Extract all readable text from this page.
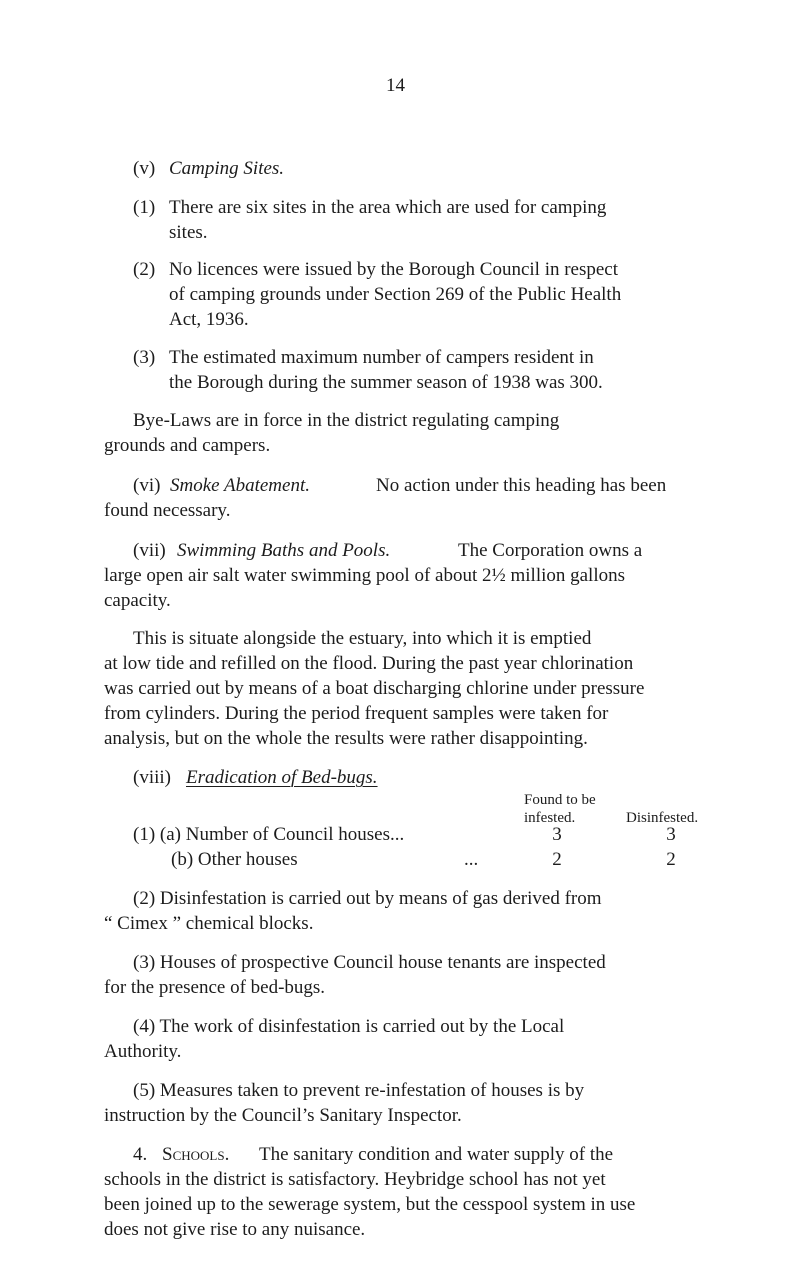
14
(v) Camping Sites.
(1) There are six sites in the area which are used for camping
sites.
(2) No licences were issued by the Borough Council in respect
of camping grounds under Section 269 of the Public Health
Act, 1936.
(3) The estimated maximum number of campers resident in
the Borough during the summer season of 1938 was 300.
Bye-Laws are in force in the district regulating camping
grounds and campers.
(vi) Smoke Abatement.	No action under this heading has been
found necessary.
(vii) Swimming Baths and Pools.	The Corporation owns a
large open air salt water swimming pool of about 2½ million gallons
capacity.
This is situate alongside the estuary, into which it is emptied
at low tide and refilled on the flood. During the past year chlorination
was carried out by means of a boat discharging chlorine under pressure
from cylinders. During the period frequent samples were taken for
analysis, but on the whole the results were rather disappointing.
(viii) Eradication of Bed-bugs.
Found to be
infested.	Disinfested.
(1) (a) Number of Council houses...	3	3
(b) Other houses	...	2	2
(2) Disinfestation is carried out by means of gas derived from
“ Cimex ” chemical blocks.
(3) Houses of prospective Council house tenants are inspected
for the presence of bed-bugs.
(4) The work of disinfestation is carried out by the Local
Authority.
(5) Measures taken to prevent re-infestation of houses is by
instruction by the Council’s Sanitary Inspector.
4. Schools. The sanitary condition and water supply of the
schools in the district is satisfactory. Heybridge school has not yet
been joined up to the sewerage system, but the cesspool system in use
does not give rise to any nuisance.
